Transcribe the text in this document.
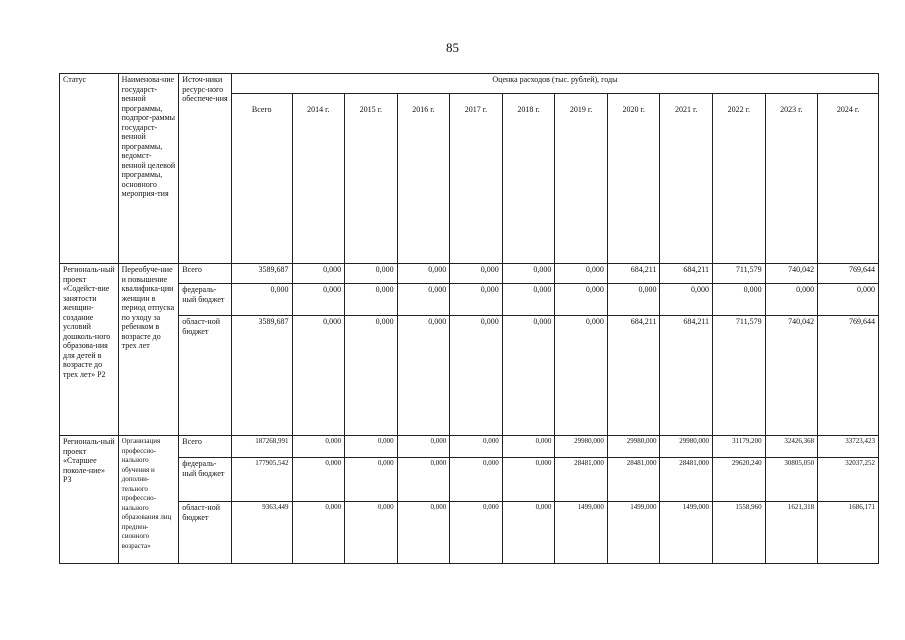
85
Статус	Наименова-ние государст-венной программы, подпрог-раммы государст-венной программы, ведомст-венной целевой программы, основного мероприя-тия	Источ-ники ресурс-ного обеспече-ния	Оценка расходов (тыс. рублей), годы											
			Всего	2014 г.	2015 г.	2016 г.	2017 г.	2018 г.	2019 г.	2020 г.	2021 г.	2022 г.	2023 г.	2024 г.
Региональ-ный проект «Содейст-вие занятости женщин-создание условий дошколь-ного образова-ния для детей в возрасте до трех лет» P2	Переобуче-ние и повышение квалифика-ции женщин в период отпуска по уходу за ребенком в возрасте до трех лет	Всего	3589,687	0,000	0,000	0,000	0,000	0,000	0,000	684,211	684,211	711,579	740,042	769,644
		федераль-ный бюджет	0,000	0,000	0,000	0,000	0,000	0,000	0,000	0,000	0,000	0,000	0,000	0,000
		област-ной бюджет	3589,687	0,000	0,000	0,000	0,000	0,000	0,000	684,211	684,211	711,579	740,042	769,644
Региональ-ный проект «Старшее поколе-ние» P3	Организация профессио-нального обучения и дополни-тельного профессио-нального образования лиц предпен-сионного возраста»	Всего	187268,991	0,000	0,000	0,000	0,000	0,000	29980,000	29980,000	29980,000	31179,200	32426,368	33723,423
		федераль-ный бюджет	177905,542	0,000	0,000	0,000	0,000	0,000	28481,000	28481,000	28481,000	29620,240	30805,050	32037,252
		област-ной бюджет	9363,449	0,000	0,000	0,000	0,000	0,000	1499,000	1499,000	1499,000	1558,960	1621,318	1686,171
